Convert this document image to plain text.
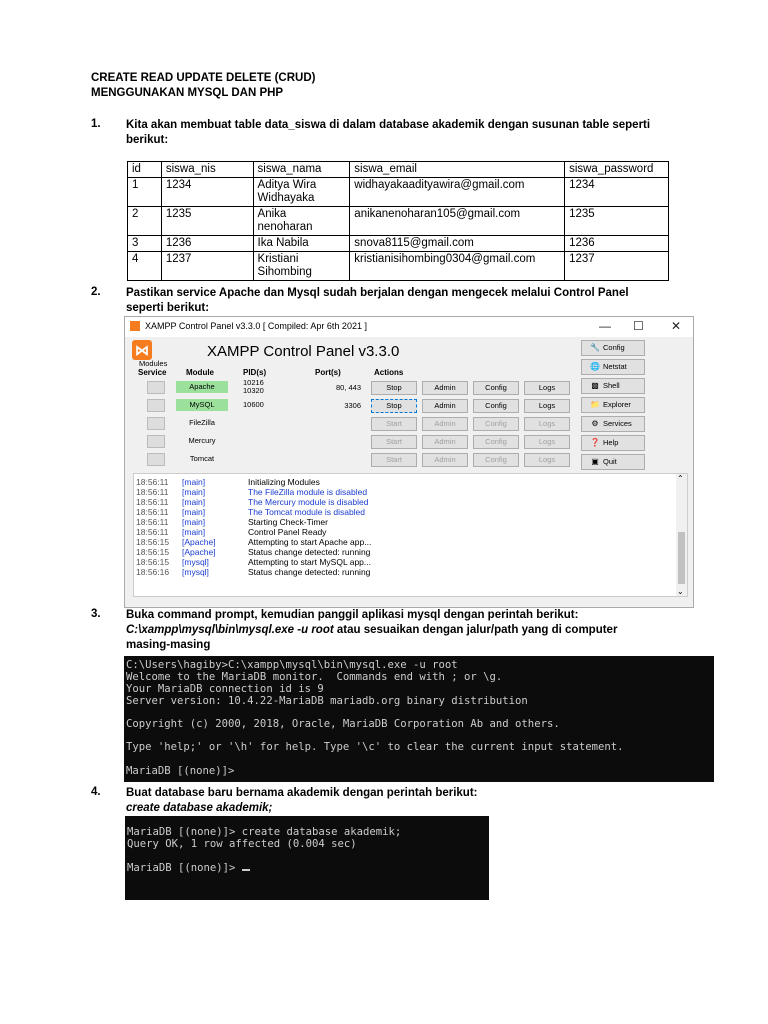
CREATE READ UPDATE DELETE (CRUD)
MENGGUNAKAN MYSQL DAN PHP
1. Kita akan membuat table data_siswa di dalam database akademik dengan susunan table seperti
berikut:
id	siswa_nis	siswa_nama	siswa_email	siswa_password
1	1234	Aditya Wira
Widhayaka	widhayakaadityawira@gmail.com	1234
2	1235	Anika
nenoharan	anikanenoharan105@gmail.com	1235
3	1236	Ika Nabila	snova8115@gmail.com	1236
4	1237	Kristiani
Sihombing	kristianisihombing0304@gmail.com	1237
2. Pastikan service Apache dan Mysql sudah berjalan dengan mengecek melalui Control Panel
seperti berikut:
XAMPP Control Panel v3.3.0 [ Compiled: Apr 6th 2021 ]	— ☐ ✕
⋈	XAMPP Control Panel v3.3.0
Modules
Service Module	PID(s)	Port(s)	Actions
Apache	10216
10320	80, 443	Stop	Admin	Config	Logs
MySQL	10600	3306	Stop	Admin	Config	Logs
FileZilla	Start	Admin	Config	Logs
Mercury	Start	Admin	Config	Logs
Tomcat	Start	Admin	Config	Logs
🔧 Config
🌐 Netstat
▩ Shell
📁 Explorer
⚙ Services
❓ Help
▣ Quit
18:56:11 [main]	Initializing Modules
18:56:11 [main]	The FileZilla module is disabled
18:56:11 [main]	The Mercury module is disabled
18:56:11 [main]	The Tomcat module is disabled
18:56:11 [main]	Starting Check-Timer
18:56:11 [main]	Control Panel Ready
18:56:15 [Apache]	Attempting to start Apache app...
18:56:15 [Apache]	Status change detected: running
18:56:15 [mysql]	Attempting to start MySQL app...
18:56:16 [mysql]	Status change detected: running
⌃
⌄
3. Buka command prompt, kemudian panggil aplikasi mysql dengan perintah berikut:
C:\xampp\mysql\bin\mysql.exe -u root atau sesuaikan dengan jalur/path yang di computer
masing-masing
C:\Users\hagiby>C:\xampp\mysql\bin\mysql.exe -u root
Welcome to the MariaDB monitor.  Commands end with ; or \g.
Your MariaDB connection id is 9
Server version: 10.4.22-MariaDB mariadb.org binary distribution
Copyright (c) 2000, 2018, Oracle, MariaDB Corporation Ab and others.
Type 'help;' or '\h' for help. Type '\c' to clear the current input statement.
MariaDB [(none)]>
4. Buat database baru bernama akademik dengan perintah berikut:
create database akademik;
MariaDB [(none)]> create database akademik;
Query OK, 1 row affected (0.004 sec)
MariaDB [(none)]>
